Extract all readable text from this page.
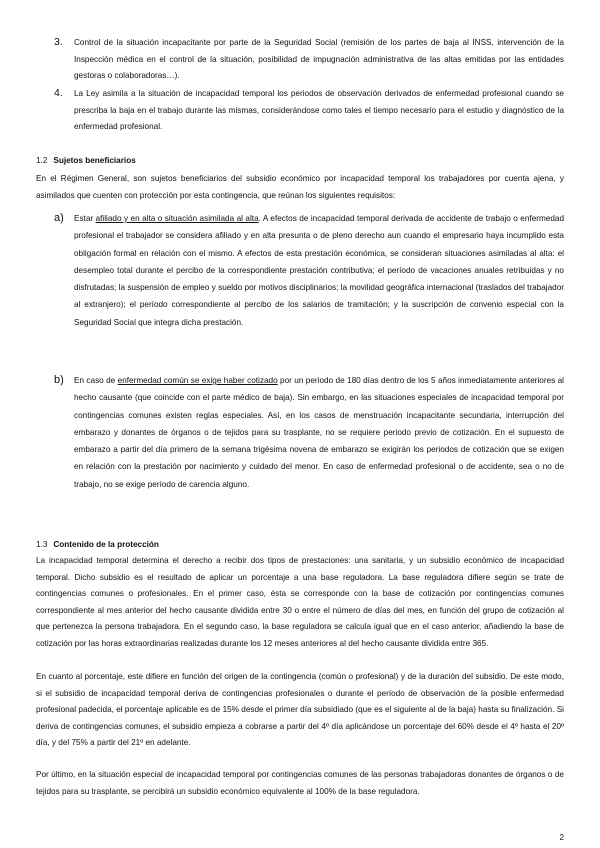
3. Control de la situación incapacitante por parte de la Seguridad Social (remisión de los partes de baja al INSS, intervención de la Inspección médica en el control de la situación, posibilidad de impugnación administrativa de las altas emitidas por las entidades gestoras o colaboradoras…).
4. La Ley asimila a la situación de incapacidad temporal los periodos de observación derivados de enfermedad profesional cuando se prescriba la baja en el trabajo durante las mismas, considerándose como tales el tiempo necesario para el estudio y diagnóstico de la enfermedad profesional.
1.2 Sujetos beneficiarios
En el Régimen General, son sujetos beneficiarios del subsidio económico por incapacidad temporal los trabajadores por cuenta ajena, y asimilados que cuenten con protección por esta contingencia, que reúnan los siguientes requisitos:
a) Estar afiliado y en alta o situación asimilada al alta. A efectos de incapacidad temporal derivada de accidente de trabajo o enfermedad profesional el trabajador se considera afiliado y en alta presunta o de pleno derecho aun cuando el empresario haya incumplido esta obligación formal en relación con el mismo. A efectos de esta prestación económica, se consideran situaciones asimiladas al alta: el desempleo total durante el percibo de la correspondiente prestación contributiva; el período de vacaciones anuales retribuidas y no disfrutadas; la suspensión de empleo y sueldo por motivos disciplinarios; la movilidad geográfica internacional (traslados del trabajador al extranjero); el período correspondiente al percibo de los salarios de tramitación; y la suscripción de convenio especial con la Seguridad Social que integra dicha prestación.
b) En caso de enfermedad común se exige haber cotizado por un periodo de 180 días dentro de los 5 años inmediatamente anteriores al hecho causante (que coincide con el parte médico de baja). Sin embargo, en las situaciones especiales de incapacidad temporal por contingencias comunes existen reglas especiales. Así, en los casos de menstruación incapacitante secundaria, interrupción del embarazo y donantes de órganos o de tejidos para su trasplante, no se requiere periodo previo de cotización. En el supuesto de embarazo a partir del día primero de la semana trigésima novena de embarazo se exigirán los periodos de cotización que se exigen en relación con la prestación por nacimiento y cuidado del menor. En caso de enfermedad profesional o de accidente, sea o no de trabajo, no se exige período de carencia alguno.
1.3 Contenido de la protección
La incapacidad temporal determina el derecho a recibir dos tipos de prestaciones: una sanitaria, y un subsidio económico de incapacidad temporal. Dicho subsidio es el resultado de aplicar un porcentaje a una base reguladora. La base reguladora difiere según se trate de contingencias comunes o profesionales. En el primer caso, ésta se corresponde con la base de cotización por contingencias comunes correspondiente al mes anterior del hecho causante dividida entre 30 o entre el número de días del mes, en función del grupo de cotización al que pertenezca la persona trabajadora. En el segundo caso, la base reguladora se calcula igual que en el caso anterior, añadiendo la base de cotización por las horas extraordinarias realizadas durante los 12 meses anteriores al del hecho causante dividida entre 365.
En cuanto al porcentaje, este difiere en función del origen de la contingencia (común o profesional) y de la duración del subsidio. De este modo, si el subsidio de incapacidad temporal deriva de contingencias profesionales o durante el período de observación de la posible enfermedad profesional padecida, el porcentaje aplicable es de 15% desde el primer día subsidiado (que es el siguiente al de la baja) hasta su finalización. Si deriva de contingencias comunes, el subsidio empieza a cobrarse a partir del 4º día aplicándose un porcentaje del 60% desde el 4º hasta el 20º día, y del 75% a partir del 21º en adelante.
Por último, en la situación especial de incapacidad temporal por contingencias comunes de las personas trabajadoras donantes de órganos o de tejidos para su trasplante, se percibirá un subsidio económico equivalente al 100% de la base reguladora.
2
